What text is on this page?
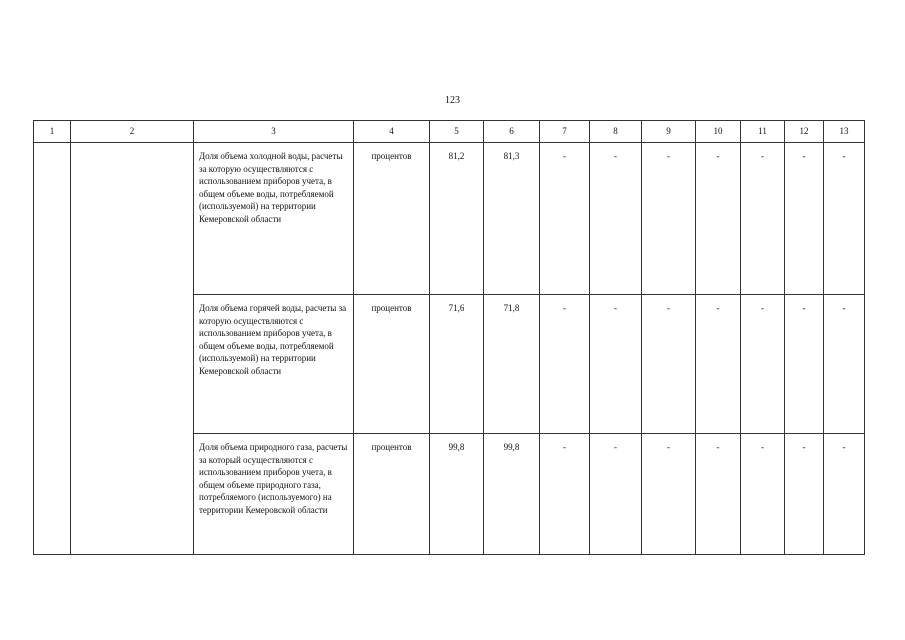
123
1	2	3	4	5	6	7	8	9	10	11	12	13
		Доля объема холодной воды, расчеты за которую осуществляются с использованием приборов учета, в общем объеме воды, потребляемой (используемой) на территории Кемеровской области	процентов	81,2	81,3	-	-	-	-	-	-	-
		Доля объема горячей воды, расчеты за которую осуществляются с использованием приборов учета, в общем объеме воды, потребляемой (используемой) на территории Кемеровской области	процентов	71,6	71,8	-	-	-	-	-	-	-
		Доля объема природного газа, расчеты за который осуществляются с использованием приборов учета, в общем объеме природного газа, потребляемого (используемого) на территории Кемеровской области	процентов	99,8	99,8	-	-	-	-	-	-	-
